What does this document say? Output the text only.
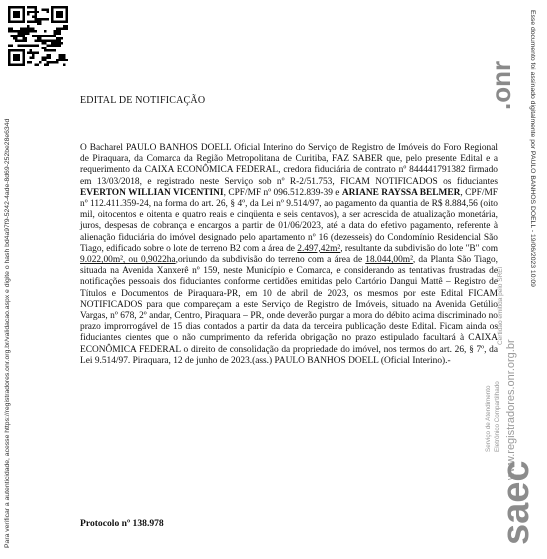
Para verificar a autenticidade, acesse https://registradores.onr.org.br/validacao.aspx e digite o hash bd4a97f9-5242-4ade-8d69-252be28e634d	Esse documento foi assinado digitalmente por PAULO BANHOS DOELL - 19/06/2023 10:09
EDITAL DE NOTIFICAÇÃO

O Bacharel PAULO BANHOS DOELL Oficial Interino do Serviço de Registro de Imóveis do Foro Regional de Piraquara, da Comarca da Região Metropolitana de Curitiba, FAZ SABER que, pelo presente Edital e a requerimento da CAIXA ECONÔMICA FEDERAL, credora fiduciária de contrato nº 844441791382 firmado em 13/03/2018, e registrado neste Serviço sob nº R-2/51.753, FICAM NOTIFICADOS os fiduciantes EVERTON WILLIAN VICENTINI, CPF/MF nº 096.512.839-39 e ARIANE RAYSSA BELMER, CPF/MF nº 112.411.359-24, na forma do art. 26, § 4º, da Lei nº 9.514/97, ao pagamento da quantia de R$ 8.884,56 (oito mil, oitocentos e oitenta e quatro reais e cinqüenta e seis centavos), a ser acrescida de atualização monetária, juros, despesas de cobrança e encargos a partir de 01/06/2023, até a data do efetivo pagamento, referente à alienação fiduciária do imóvel designado pelo apartamento nº 16 (dezesseis) do Condomínio Residencial São Tiago, edificado sobre o lote de terreno B2 com a área de 2.497,42m², resultante da subdivisão do lote "B" com 9.022,00m², ou 0,9022ha,oriundo da subdivisão do terreno com a área de 18.044,00m², da Planta São Tiago, situada na Avenida Xanxerê nº 159, neste Município e Comarca, e considerando as tentativas frustradas de notificações pessoais dos fiduciantes conforme certidões emitidas pelo Cartório Dangui Mattê – Registro de Títulos e Documentos de Piraquara-PR, em 10 de abril de 2023, os mesmos por este Edital FICAM NOTIFICADOS para que compareçam a este Serviço de Registro de Imóveis, situado na Avenida Getúlio Vargas, nº 678, 2º andar, Centro, Piraquara – PR, onde deverão purgar a mora do débito acima discriminado no prazo improrrogável de 15 dias contados a partir da data da terceira publicação deste Edital. Ficam ainda os fiduciantes cientes que o não cumprimento da referida obrigação no prazo estipulado facultará à CAIXA ECONÔMICA FEDERAL o direito de consolidação da propriedade do imóvel, nos termos do art. 26, § 7º, da Lei 9.514/97. Piraquara, 12 de junho de 2023.(ass.) PAULO BANHOS DOELL (Oficial Interino).-

Protocolo nº 138.978
.onr
www.registradores.onr.org.br
Certidão emitida pelo SREI
saec
Serviço de Atendimento Eletrônico Compartilhado
